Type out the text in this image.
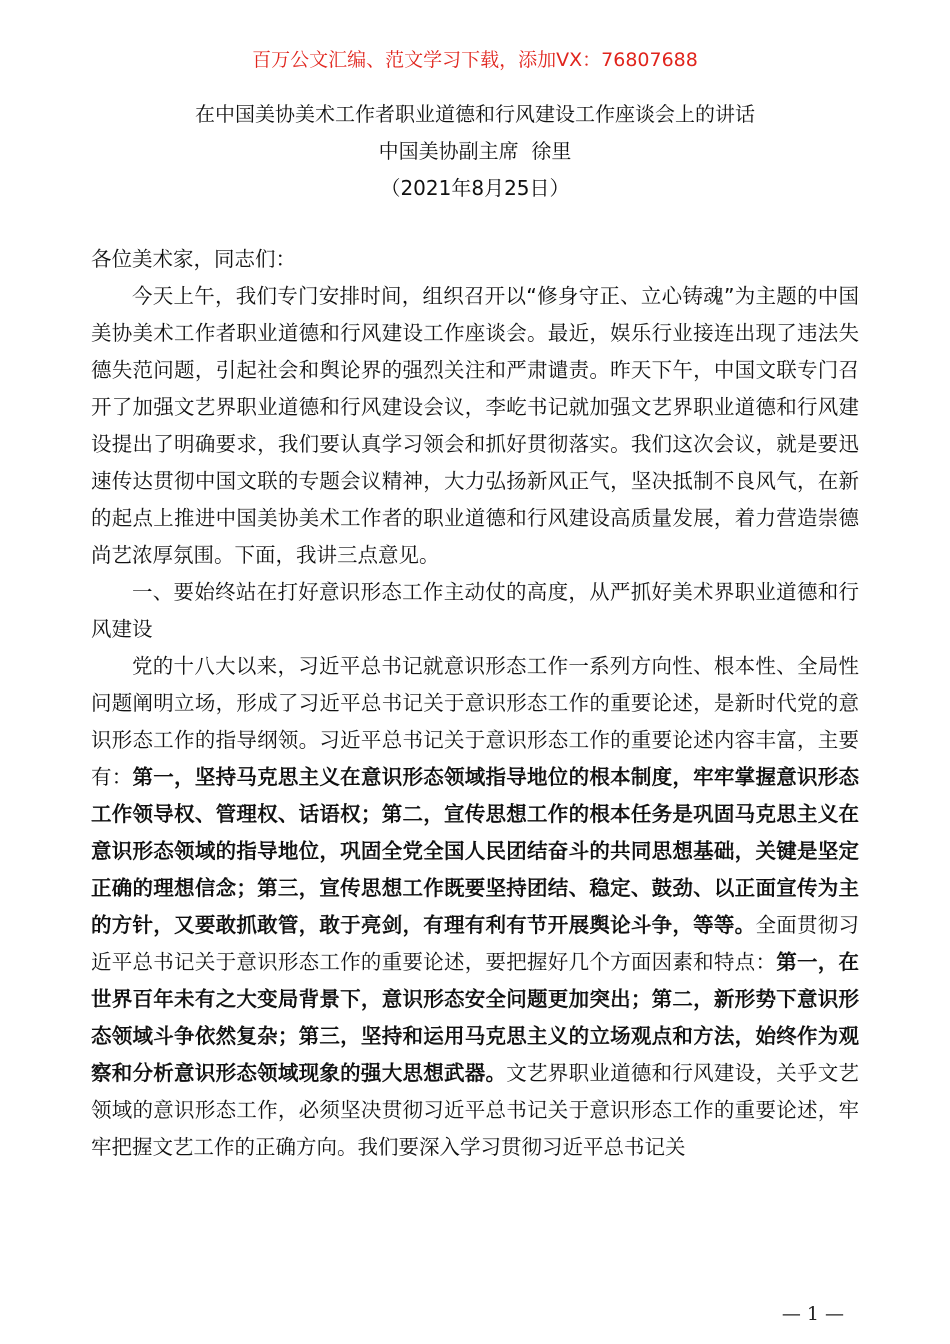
百万公文汇编、范文学习下载，添加VX：76807688
在中国美协美术工作者职业道德和行风建设工作座谈会上的讲话
中国美协副主席  徐里
（2021年8月25日）

各位美术家，同志们：

今天上午，我们专门安排时间，组织召开以“修身守正、立心铸魂”为主题的中国美协美术工作者职业道德和行风建设工作座谈会。最近，娱乐行业接连出现了违法失德失范问题，引起社会和舆论界的强烈关注和严肃谴责。昨天下午，中国文联专门召开了加强文艺界职业道德和行风建设会议，李屹书记就加强文艺界职业道德和行风建设提出了明确要求，我们要认真学习领会和抓好贯彻落实。我们这次会议，就是要迅速传达贯彻中国文联的专题会议精神，大力弘扬新风正气，坚决抵制不良风气，在新的起点上推进中国美协美术工作者的职业道德和行风建设高质量发展，着力营造崇德尚艺浓厚氛围。下面，我讲三点意见。

一、要始终站在打好意识形态工作主动仗的高度，从严抓好美术界职业道德和行风建设

党的十八大以来，习近平总书记就意识形态工作一系列方向性、根本性、全局性问题阐明立场，形成了习近平总书记关于意识形态工作的重要论述，是新时代党的意识形态工作的指导纲领。习近平总书记关于意识形态工作的重要论述内容丰富，主要有：第一，坚持马克思主义在意识形态领域指导地位的根本制度，牢牢掌握意识形态工作领导权、管理权、话语权；第二，宣传思想工作的根本任务是巩固马克思主义在意识形态领域的指导地位，巩固全党全国人民团结奋斗的共同思想基础，关键是坚定正确的理想信念；第三，宣传思想工作既要坚持团结、稳定、鼓劲、以正面宣传为主的方针，又要敢抓敢管，敢于亮剑，有理有利有节开展舆论斗争，等等。全面贯彻习近平总书记关于意识形态工作的重要论述，要把握好几个方面因素和特点：第一，在世界百年未有之大变局背景下，意识形态安全问题更加突出；第二，新形势下意识形态领域斗争依然复杂；第三，坚持和运用马克思主义的立场观点和方法，始终作为观察和分析意识形态领域现象的强大思想武器。文艺界职业道德和行风建设，关乎文艺领域的意识形态工作，必须坚决贯彻习近平总书记关于意识形态工作的重要论述，牢牢把握文艺工作的正确方向。我们要深入学习贯彻习近平总书记关

— 1 —
